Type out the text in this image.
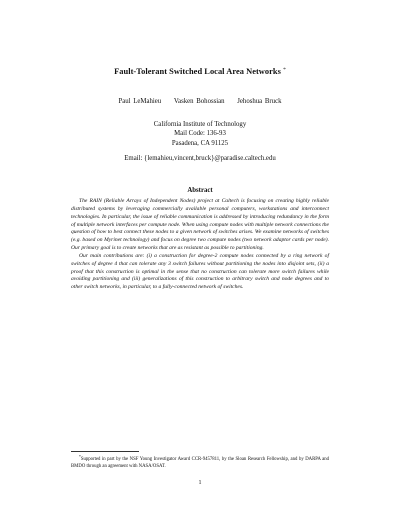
Fault-Tolerant Switched Local Area Networks *
Paul LeMahieu Vasken Bohossian Jehoshua Bruck
California Institute of Technology
Mail Code: 136-93
Pasadena, CA 91125
Email: {lemahieu,vincent,bruck}@paradise.caltech.edu
Abstract

The RAIN (Reliable Arrays of Independent Nodes) project at Caltech is focusing on creating highly reliable distributed systems by leveraging commercially available personal computers, workstations and interconnect technologies. In particular, the issue of reliable communication is addressed by introducing redundancy in the form of multiple network interfaces per compute node. When using compute nodes with multiple network connections the question of how to best connect these nodes to a given network of switches arises. We examine networks of switches (e.g. based on Myrinet technology) and focus on degree two compute nodes (two network adaptor cards per node). Our primary goal is to create networks that are as resistant as possible to partitioning.

Our main contributions are: (i) a construction for degree-2 compute nodes connected by a ring network of switches of degree 4 that can tolerate any 3 switch failures without partitioning the nodes into disjoint sets, (ii) a proof that this construction is optimal in the sense that no construction can tolerate more switch failures while avoiding partitioning and (iii) generalizations of this construction to arbitrary switch and node degrees and to other switch networks, in particular, to a fully-connected network of switches.

*Supported in part by the NSF Young Investigator Award CCR-9457811, by the Sloan Research Fellowship, and by DARPA and BMDO through an agreement with NASA/OSAT.

1
